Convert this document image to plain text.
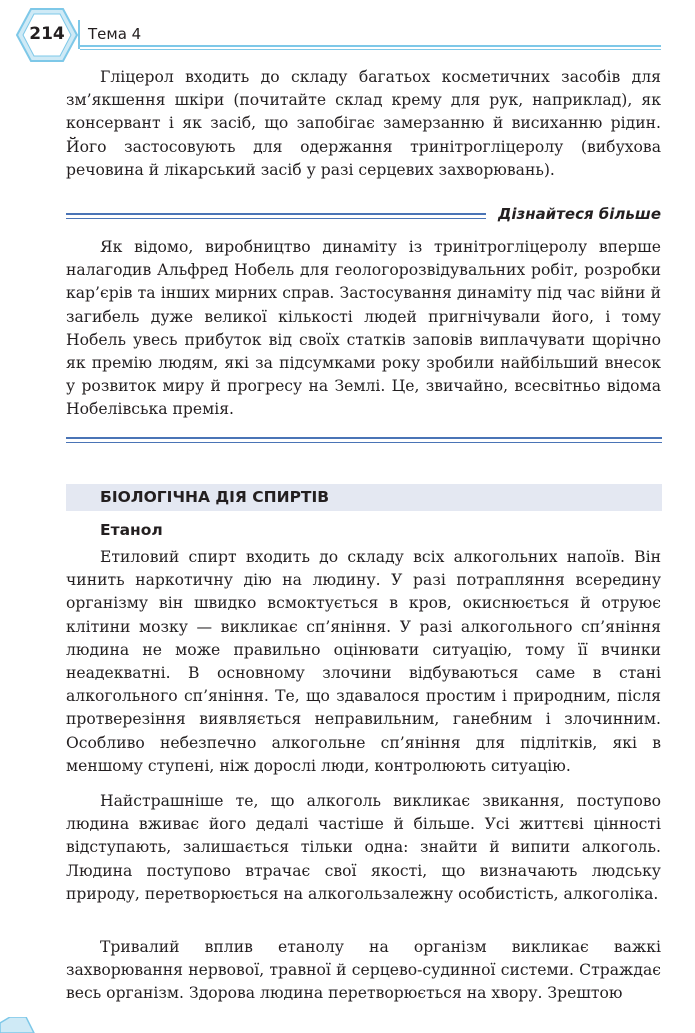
214	Тема 4

Гліцерол входить до складу багатьох косметичних засобів для зм’якшення шкіри (почитайте склад крему для рук, наприклад), як консервант і як засіб, що запобігає замерзанню й висиханню рідин. Його застосовують для одержання тринітрогліцеролу (вибухова речовина й лікарський засіб у разі серцевих захворювань).

Дізнайтеся більше

Як відомо, виробництво динаміту із тринітрогліцеролу вперше налагодив Альфред Нобель для геологорозвідувальних робіт, розробки кар’єрів та інших мирних справ. Застосування динаміту під час війни й загибель дуже великої кількості людей пригнічували його, і тому Нобель увесь прибуток від своїх статків заповів виплачувати щорічно як премію людям, які за підсумками року зробили найбільший внесок у розвиток миру й прогресу на Землі. Це, звичайно, всесвітньо відома Нобелівська премія.

БІОЛОГІЧНА ДІЯ СПИРТІВ
Етанол

Етиловий спирт входить до складу всіх алкогольних напоїв. Він чинить наркотичну дію на людину. У разі потрапляння всередину організму він швидко всмоктується в кров, окиснюється й отруює клітини мозку — викликає сп’яніння. У разі алкогольного сп’яніння людина не може правильно оцінювати ситуацію, тому її вчинки неадекватні. В основному злочини відбуваються саме в стані алкогольного сп’яніння. Те, що здавалося простим і природним, після протверезіння виявляється неправильним, ганебним і злочинним. Особливо небезпечно алкогольне сп’яніння для підлітків, які в меншому ступені, ніж дорослі люди, контролюють ситуацію.

Найстрашніше те, що алкоголь викликає звикання, поступово людина вживає його дедалі частіше й більше. Усі життєві цінності відступають, залишається тільки одна: знайти й випити алкоголь. Людина поступово втрачає свої якості, що визначають людську природу, перетворюється на алкогользалежну особистість, алкоголіка.

Тривалий вплив етанолу на організм викликає важкі захворювання нервової, травної й серцево-судинної системи. Страждає весь організм. Здорова людина перетворюється на хвору. Зрештою
